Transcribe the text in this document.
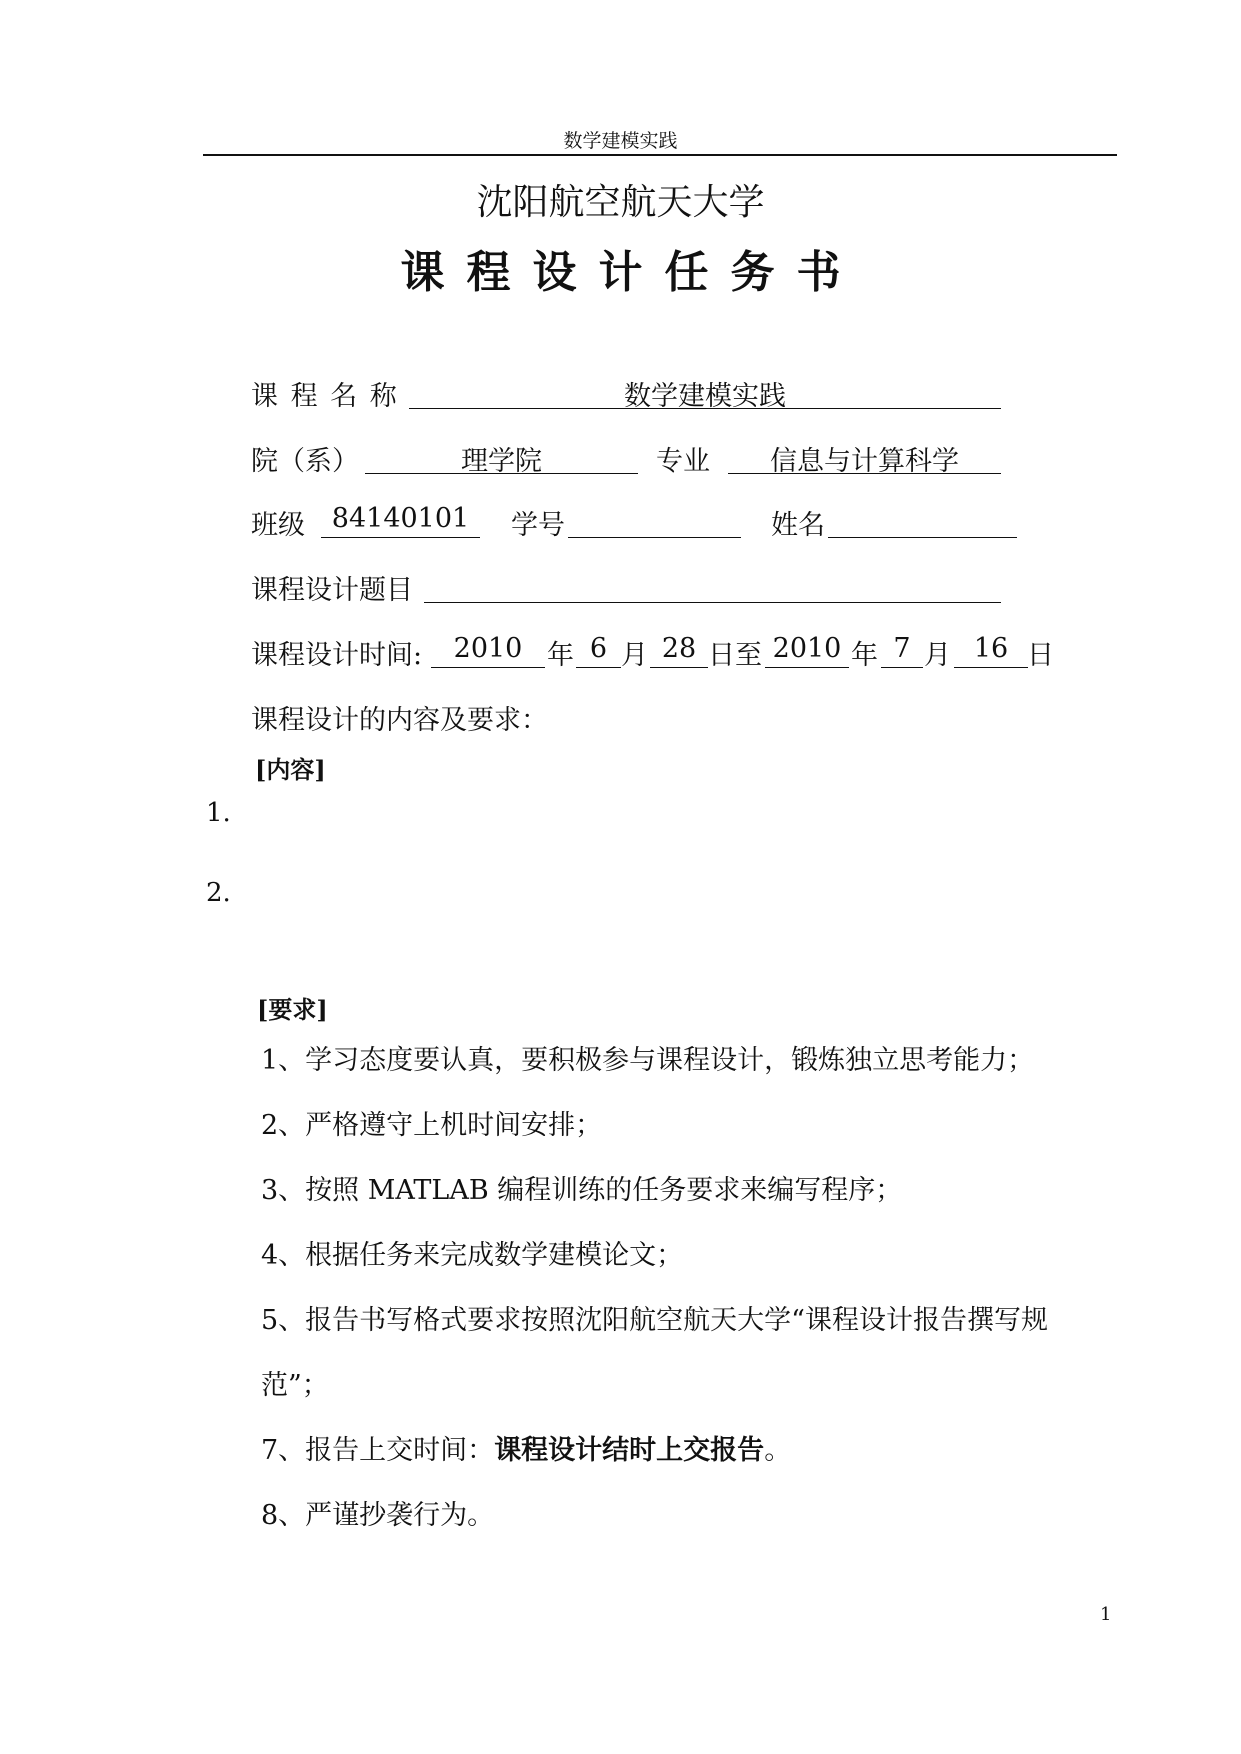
数学建模实践
沈阳航空航天大学
课程设计任务书
课 程 名 称	数学建模实践
院（系）	理学院	专业	信息与计算科学
班级 84140101	学号	姓名
课程设计题目
课程设计时间:	2010 年 6 月 28 日至 2010 年 7 月 16 日
课程设计的内容及要求：
[内容]
1.
2.
[要求]
1、学习态度要认真，要积极参与课程设计，锻炼独立思考能力；
2、严格遵守上机时间安排；
3、按照 MATLAB 编程训练的任务要求来编写程序；
4、根据任务来完成数学建模论文；
5、报告书写格式要求按照沈阳航空航天大学“课程设计报告撰写规
范”；
7、报告上交时间：课程设计结时上交报告。
8、严谨抄袭行为。
1
